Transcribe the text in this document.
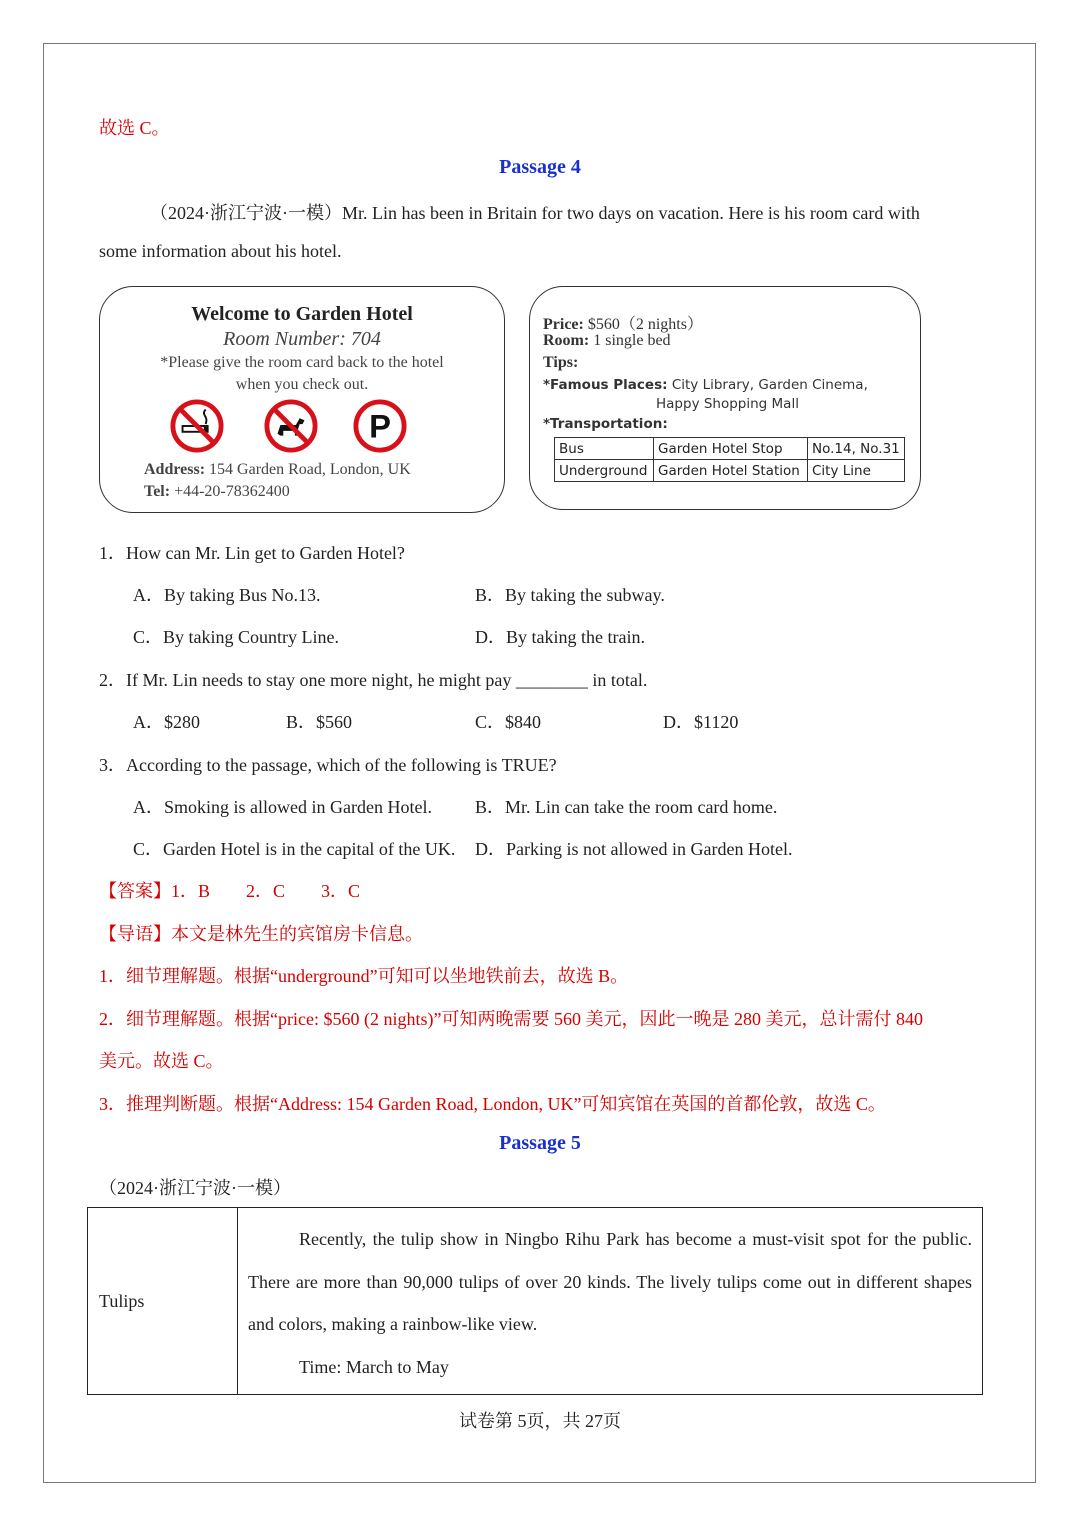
故选 C。
Passage 4
（2024·浙江宁波·一模）Mr. Lin has been in Britain for two days on vacation. Here is his room card with
some information about his hotel.
Welcome to Garden Hotel
Room Number: 704
*Please give the room card back to the hotel
when you check out.
P
Address: 154 Garden Road, London, UK
Tel: +44-20-78362400
Price: $560（2 nights）
Room: 1 single bed
Tips:
*Famous Places: City Library, Garden Cinema,
Happy Shopping Mall
*Transportation:
Bus	Garden Hotel Stop	No.14, No.31
Underground	Garden Hotel Station	City Line
1．How can Mr. Lin get to Garden Hotel?
A．By taking Bus No.13.	B．By taking the subway.
C．By taking Country Line.	D．By taking the train.
2．If Mr. Lin needs to stay one more night, he might pay ________ in total.
A．$280	B．$560	C．$840	D．$1120
3．According to the passage, which of the following is TRUE?
A．Smoking is allowed in Garden Hotel. B．Mr. Lin can take the room card home.
C．Garden Hotel is in the capital of the UK. D．Parking is not allowed in Garden Hotel.
【答案】1．B　　2．C　　3．C
【导语】本文是林先生的宾馆房卡信息。
1．细节理解题。根据“underground”可知可以坐地铁前去，故选 B。
2．细节理解题。根据“price: $560 (2 nights)”可知两晚需要 560 美元，因此一晚是 280 美元，总计需付 840
美元。故选 C。
3．推理判断题。根据“Address: 154 Garden Road, London, UK”可知宾馆在英国的首都伦敦，故选 C。
Passage 5
（2024·浙江宁波·一模）
Tulips	
Recently, the tulip show in Ningbo Rihu Park has become a must-visit spot for the public. There are more than 90,000 tulips of over 20 kinds. The lively tulips come out in different shapes and colors, making a rainbow-like view.
Time: March to May
试卷第 5页，共 27页
